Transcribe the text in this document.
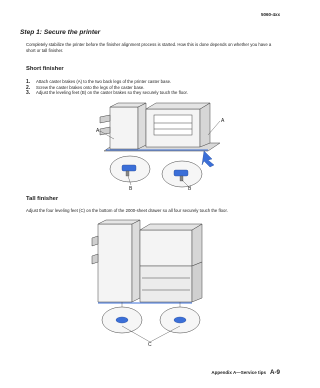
5060-4xx
Step 1: Secure the printer
Completely stabilize the printer before the finisher alignment process is started. How this is done depends on whether you have a short or tall finisher.
Short finisher
1.	Attach caster brakes (A) to the two back legs of the printer caster base.
2.	Screw the caster brakes onto the legs of the caster base.
3.	Adjust the leveling feet (B) on the caster brakes so they securely touch the floor.
A
A
B	B
Tall finisher
Adjust the four leveling feet (C) on the bottom of the 2000-sheet drawer so all four securely touch the floor.
C
Appendix A—Service tips A-9
